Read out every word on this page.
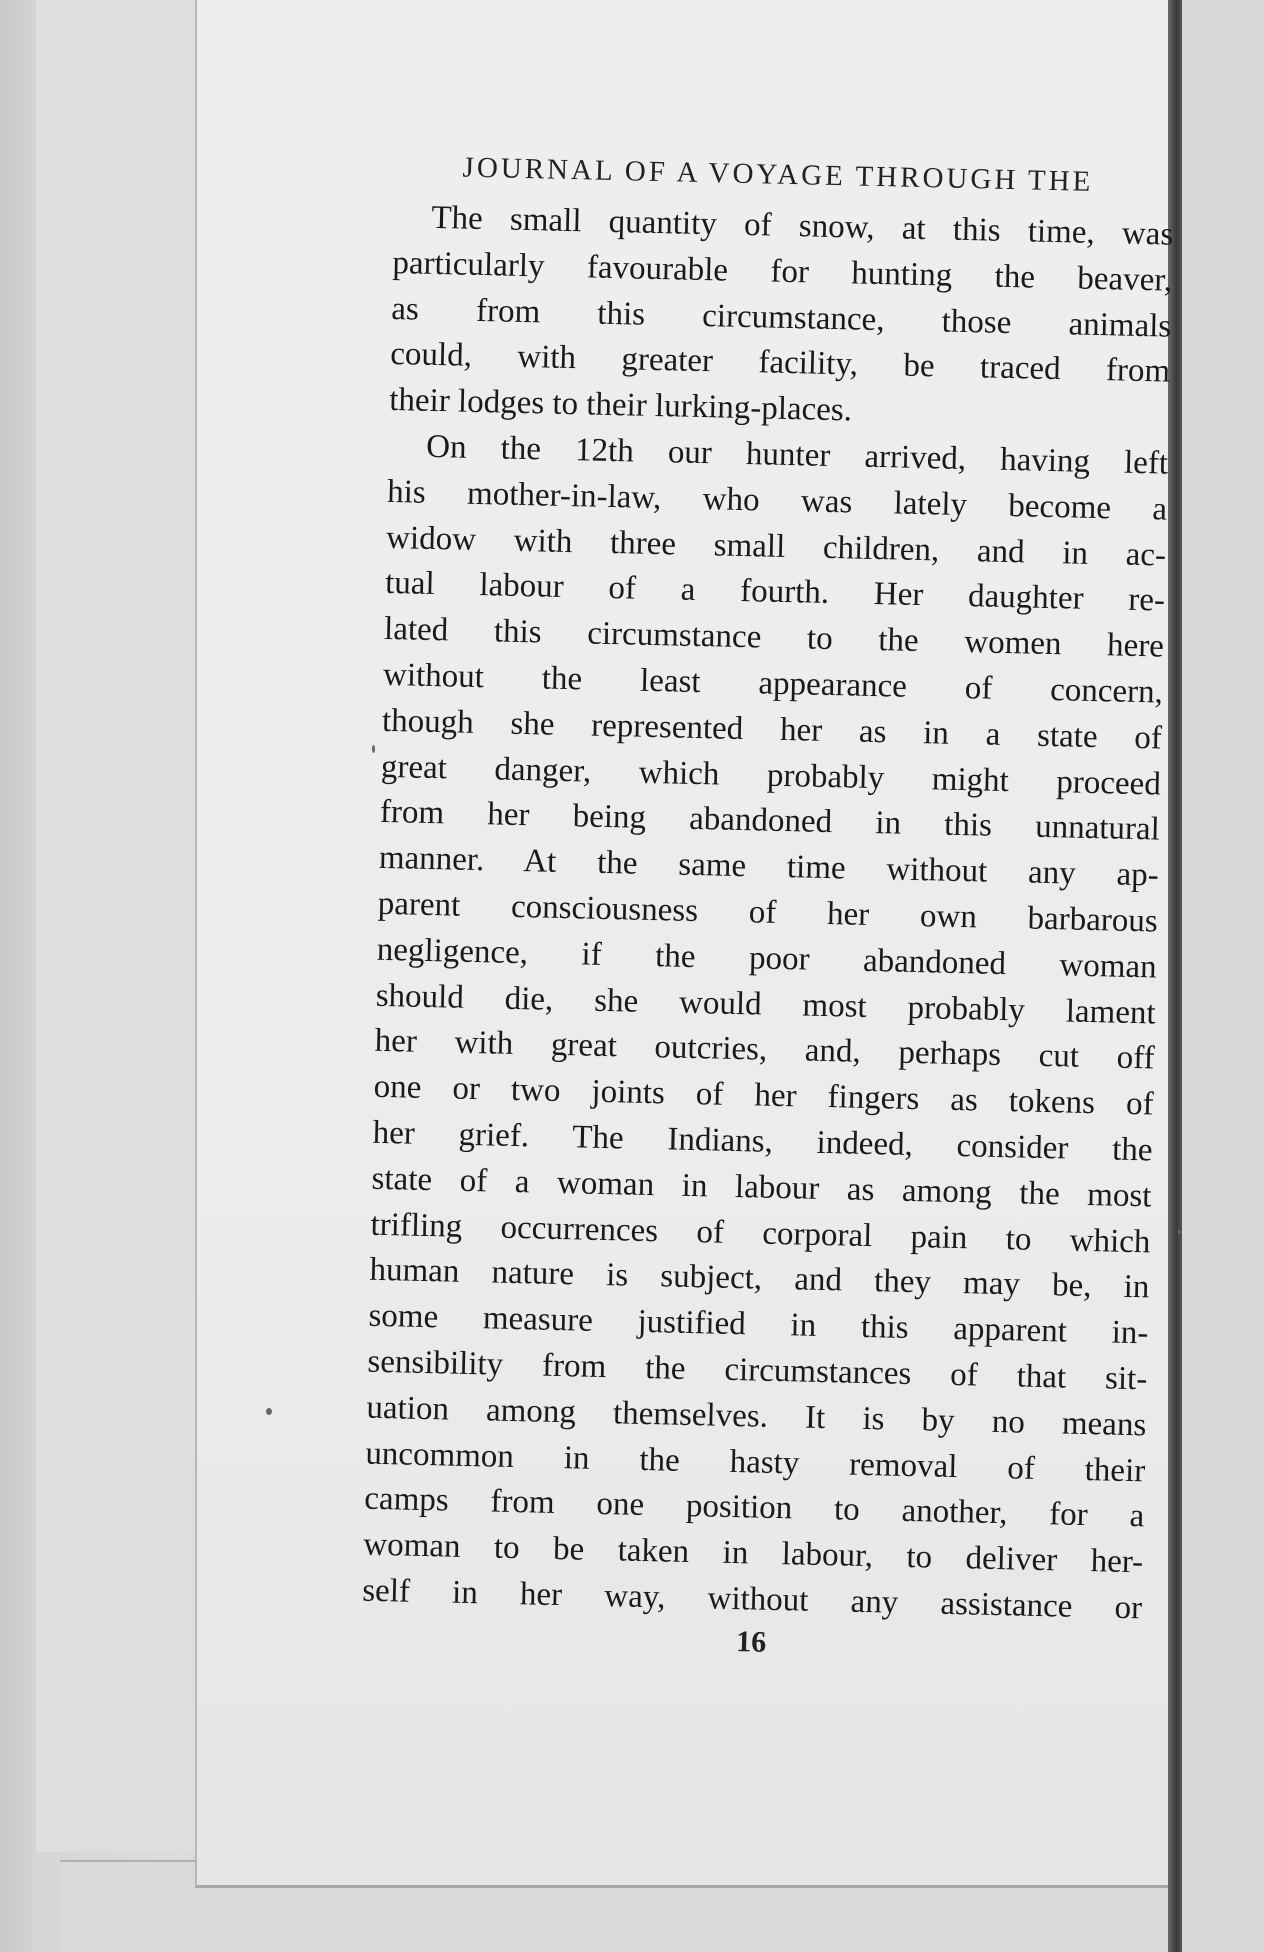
JOURNAL OF A VOYAGE THROUGH THE

The small quantity of snow, at this time, was
particularly favourable for hunting the beaver,
as from this circumstance, those animals
could, with greater facility, be traced from
their lodges to their lurking-places.

On the 12th our hunter arrived, having left
his mother-in-law, who was lately become a
widow with three small children, and in ac-
tual labour of a fourth. Her daughter re-
lated this circumstance to the women here
without the least appearance of concern,
though she represented her as in a state of
great danger, which probably might proceed
from her being abandoned in this unnatural
manner. At the same time without any ap-
parent consciousness of her own barbarous
negligence, if the poor abandoned woman
should die, she would most probably lament
her with great outcries, and, perhaps cut off
one or two joints of her fingers as tokens of
her grief. The Indians, indeed, consider the
state of a woman in labour as among the most
trifling occurrences of corporal pain to which
human nature is subject, and they may be, in
some measure justified in this apparent in-
sensibility from the circumstances of that sit-
uation among themselves. It is by no means
uncommon in the hasty removal of their
camps from one position to another, for a
woman to be taken in labour, to deliver her-
self in her way, without any assistance or

16
